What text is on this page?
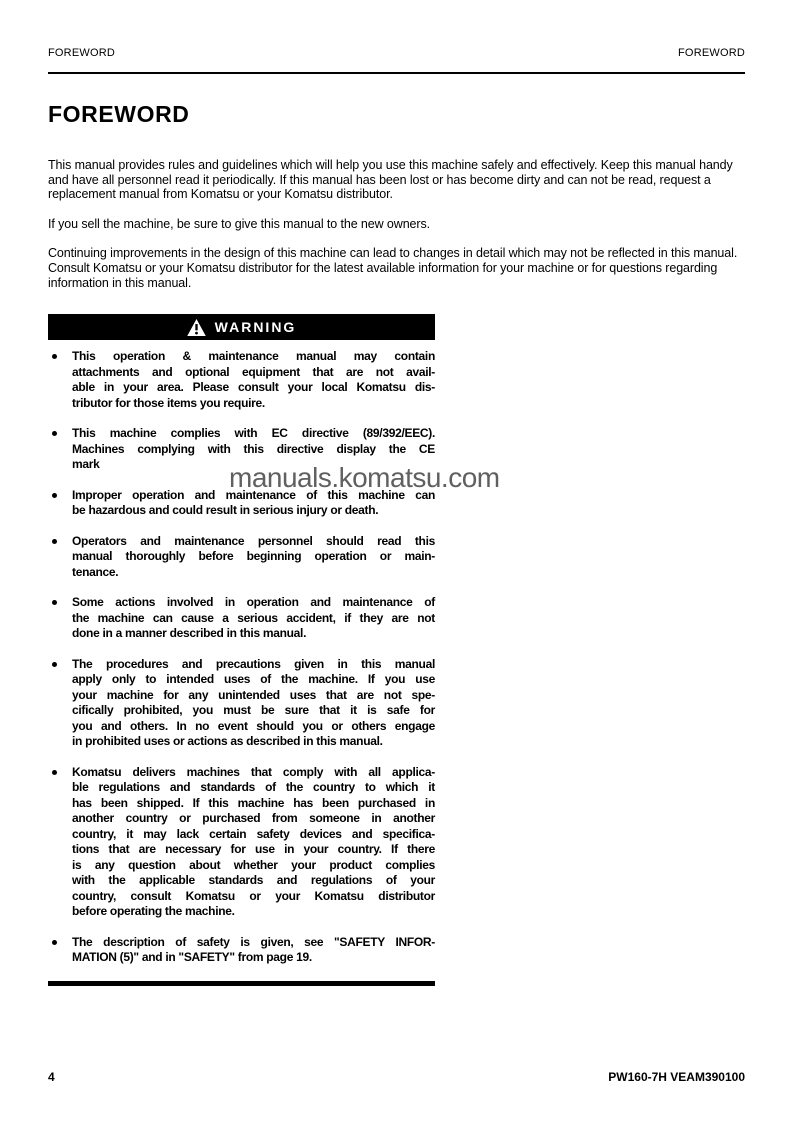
FOREWORD	FOREWORD
FOREWORD
This manual provides rules and guidelines which will help you use this machine safely and effectively. Keep this manual handy and have all personnel read it periodically. If this manual has been lost or has become dirty and can not be read, request a replacement manual from Komatsu or your Komatsu distributor.
If you sell the machine, be sure to give this manual to the new owners.
Continuing improvements in the design of this machine can lead to changes in detail which may not be reflected in this manual. Consult Komatsu or your Komatsu distributor for the latest available information for your machine or for questions regarding information in this manual.
WARNING
This operation & maintenance manual may contain
attachments and optional equipment that are not avail-
able in your area. Please consult your local Komatsu dis-
tributor for those items you require.
This machine complies with EC directive (89/392/EEC).
Machines complying with this directive display the CE
mark
Improper operation and maintenance of this machine can
be hazardous and could result in serious injury or death.
Operators and maintenance personnel should read this
manual thoroughly before beginning operation or main-
tenance.
Some actions involved in operation and maintenance of
the machine can cause a serious accident, if they are not
done in a manner described in this manual.
The procedures and precautions given in this manual
apply only to intended uses of the machine. If you use
your machine for any unintended uses that are not spe-
cifically prohibited, you must be sure that it is safe for
you and others. In no event should you or others engage
in prohibited uses or actions as described in this manual.
Komatsu delivers machines that comply with all applica-
ble regulations and standards of the country to which it
has been shipped. If this machine has been purchased in
another country or purchased from someone in another
country, it may lack certain safety devices and specifica-
tions that are necessary for use in your country. If there
is any question about whether your product complies
with the applicable standards and regulations of your
country, consult Komatsu or your Komatsu distributor
before operating the machine.
The description of safety is given, see "SAFETY INFOR-
MATION (5)" and in "SAFETY" from page 19.
4	PW160-7H VEAM390100
manuals.komatsu.com
